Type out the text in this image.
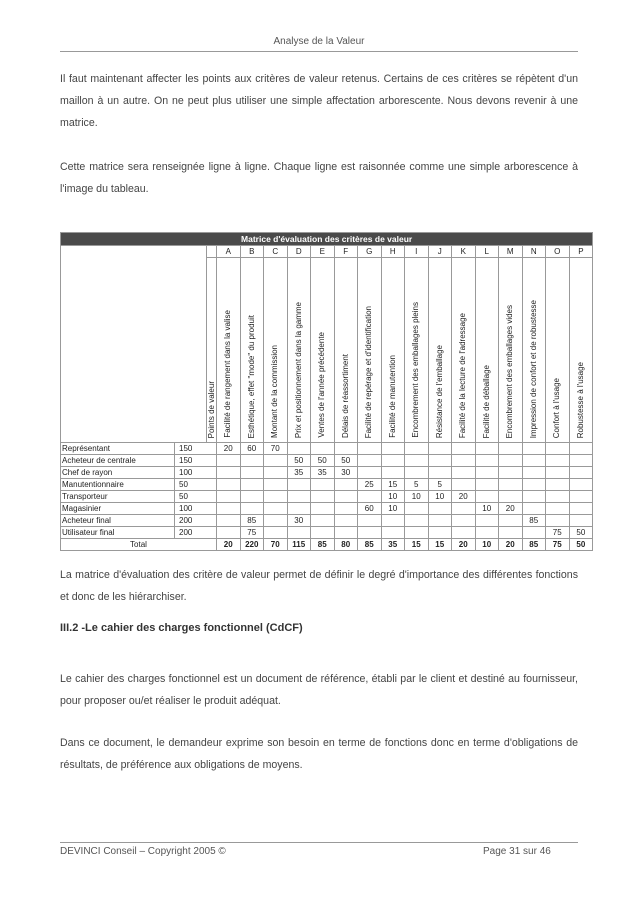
Analyse de la Valeur

Il faut maintenant affecter les points aux critères de valeur retenus. Certains de ces critères se répètent d'un maillon à un autre. On ne peut plus utiliser une simple affectation arborescente. Nous devons revenir à une matrice.

Cette matrice sera renseignée ligne à ligne. Chaque ligne est raisonnée comme une simple arborescence à l'image du tableau.

Matrice d'évaluation des critères de valeur																		
			A	B	C	D	E	F	G	H	I	J	K	L	M	N	O	P

		Points de valeur	Facilité de rangement dans la valise	Esthétique, effet "mode" du produit	Montant de la commission	Prix et positionnement dans la gamme	Ventes de l'année précédente	Délais de réassortiment	Facilité de repérage et d'identification	Facilité de manutention	Encombrement des emballages pleins	Résistance de l'emballage	Facilité de la lecture de l'adressage	Facilité de déballage	Encombrement des emballages vides	Impression de confort et de robustesse	Confort à l'usage	Robustesse à l'usage

Représentant	150		20	60	70													
Acheteur de centrale	150					50	50	50										
Chef de rayon	100					35	35	30										
Manutentionnaire	50								25	15	5	5						
Transporteur	50									10	10	10	20					
Magasinier	100								60	10				10	20			
Acheteur final	200			85		30										85		
Utilisateur final	200			75													75	50
Total			20	220	70	115	85	80	85	35	15	15	20	10	20	85	75	50

La matrice d'évaluation des critère de valeur permet de définir le degré d'importance des différentes fonctions et donc de les hiérarchiser.

III.2 -Le cahier des charges fonctionnel (CdCF)

Le cahier des charges fonctionnel est un document de référence, établi par le client et destiné au fournisseur, pour proposer ou/et réaliser le produit adéquat.

Dans ce document, le demandeur exprime son besoin en terme de fonctions donc en terme d'obligations de résultats, de préférence aux obligations de moyens.

DEVINCI Conseil – Copyright 2005 ©	Page 31 sur 46
